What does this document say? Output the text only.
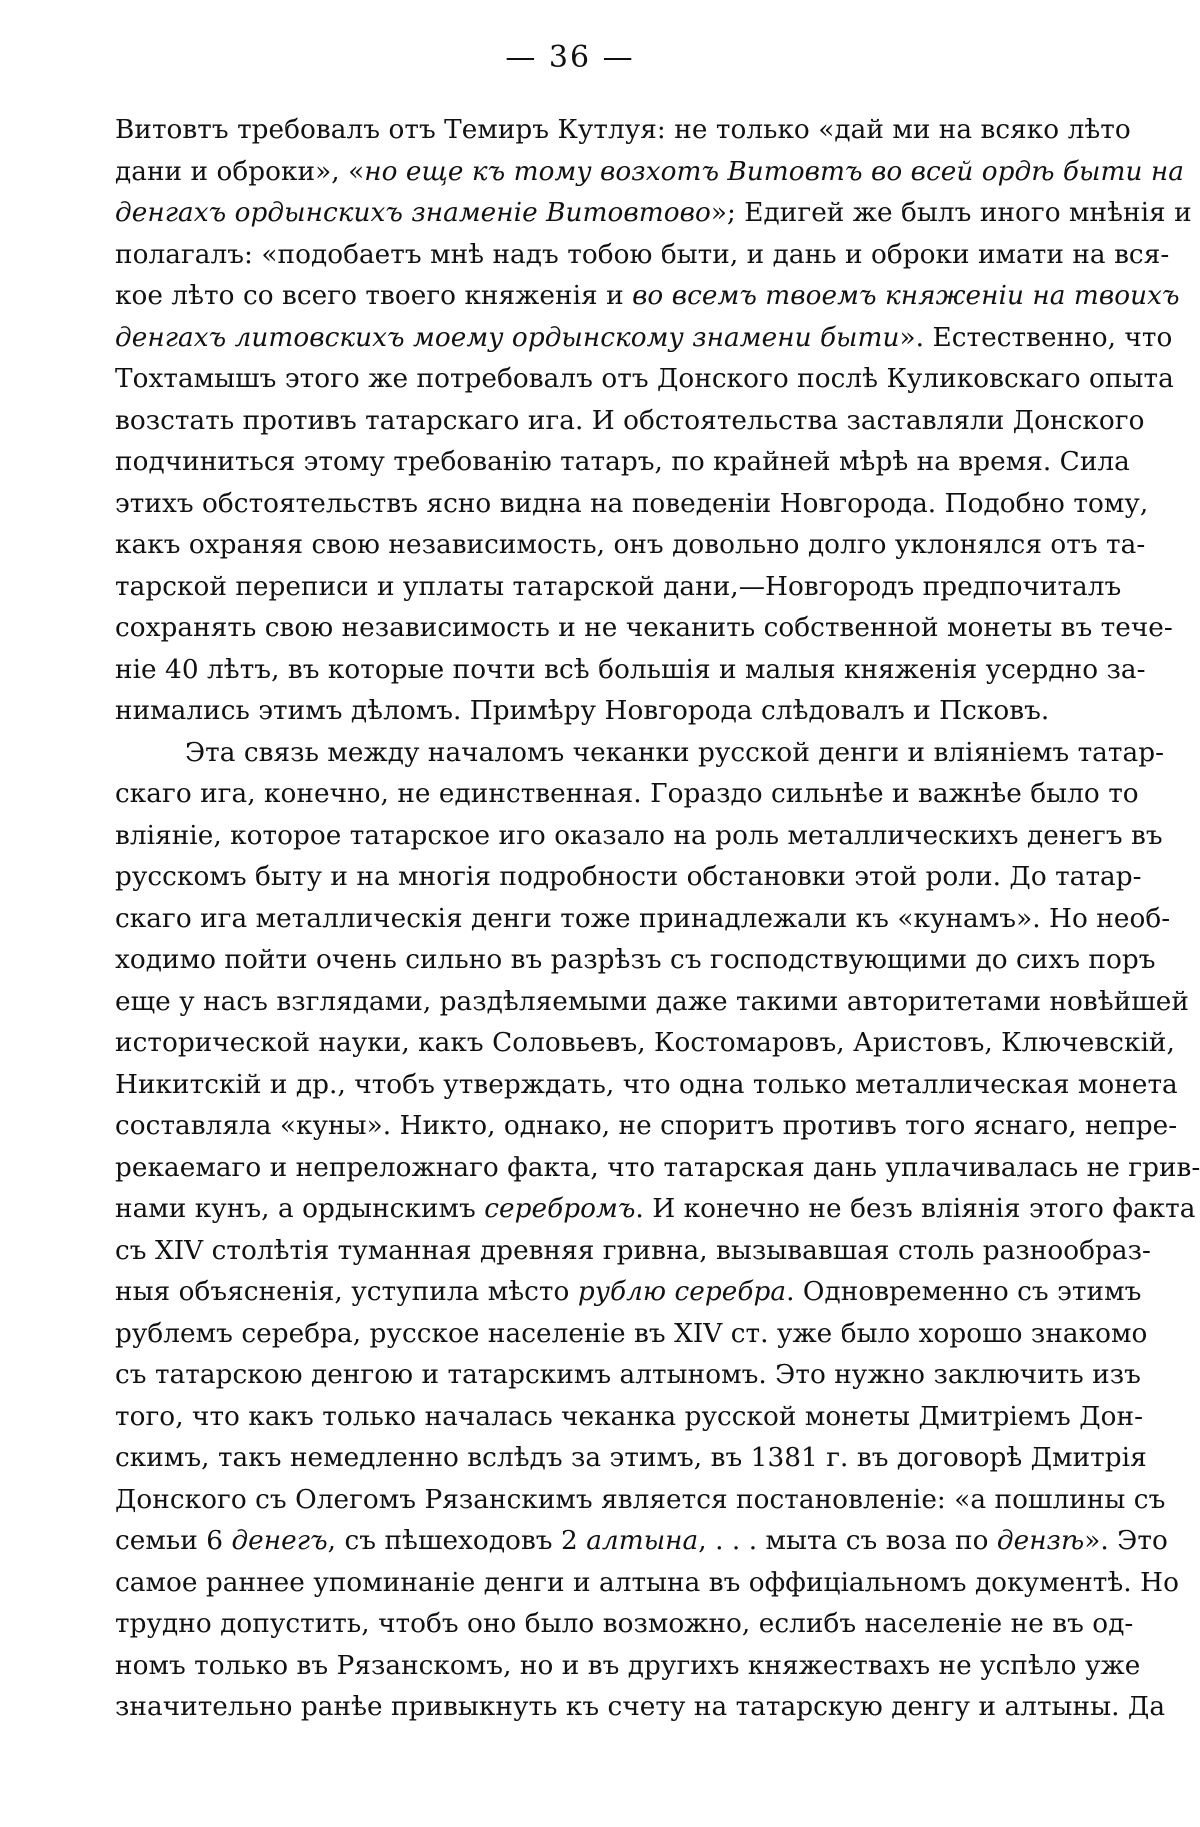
— 36 —
Витовтъ требовалъ отъ Темиръ Кутлуя: не только «дай ми на всяко лѣто
дани и оброки», «но еще къ тому возхотъ Витовтъ во всей ордѣ быти на
денгахъ ордынскихъ знаменіе Витовтово»; Едигей же былъ иного мнѣнія и
полагалъ: «подобаетъ мнѣ надъ тобою быти, и дань и оброки имати на вся-
кое лѣто со всего твоего княженія и во всемъ твоемъ княженіи на твоихъ
денгахъ литовскихъ моему ордынскому знамени быти». Естественно, что
Тохтамышъ этого же потребовалъ отъ Донского послѣ Куликовскаго опыта
возстать противъ татарскаго ига. И обстоятельства заставляли Донского
подчиниться этому требованію татаръ, по крайней мѣрѣ на время. Сила
этихъ обстоятельствъ ясно видна на поведеніи Новгорода. Подобно тому,
какъ охраняя свою независимость, онъ довольно долго уклонялся отъ та-
тарской переписи и уплаты татарской дани,—Новгородъ предпочиталъ
сохранять свою независимость и не чеканить собственной монеты въ тече-
ніе 40 лѣтъ, въ которые почти всѣ большія и малыя княженія усердно за-
нимались этимъ дѣломъ. Примѣру Новгорода слѣдовалъ и Псковъ.
Эта связь между началомъ чеканки русской денги и вліяніемъ татар-
скаго ига, конечно, не единственная. Гораздо сильнѣе и важнѣе было то
вліяніе, которое татарское иго оказало на роль металлическихъ денегъ въ
русскомъ быту и на многія подробности обстановки этой роли. До татар-
скаго ига металлическія денги тоже принадлежали къ «кунамъ». Но необ-
ходимо пойти очень сильно въ разрѣзъ съ господствующими до сихъ поръ
еще у насъ взглядами, раздѣляемыми даже такими авторитетами новѣйшей
исторической науки, какъ Соловьевъ, Костомаровъ, Аристовъ, Ключевскій,
Никитскій и др., чтобъ утверждать, что одна только металлическая монета
составляла «куны». Никто, однако, не споритъ противъ того яснаго, непре-
рекаемаго и непреложнаго факта, что татарская дань уплачивалась не грив-
нами кунъ, а ордынскимъ серебромъ. И конечно не безъ вліянія этого факта
съ XIV столѣтія туманная древняя гривна, вызывавшая столь разнообраз-
ныя объясненія, уступила мѣсто рублю серебра. Одновременно съ этимъ
рублемъ серебра, русское населеніе въ XIV ст. уже было хорошо знакомо
съ татарскою денгою и татарскимъ алтыномъ. Это нужно заключить изъ
того, что какъ только началась чеканка русской монеты Дмитріемъ Дон-
скимъ, такъ немедленно вслѣдъ за этимъ, въ 1381 г. въ договорѣ Дмитрія
Донского съ Олегомъ Рязанскимъ является постановленіе: «а пошлины съ
семьи 6 денегъ, съ пѣшеходовъ 2 алтына, . . . мыта съ воза по дензѣ». Это
самое раннее упоминаніе денги и алтына въ оффиціальномъ документѣ. Но
трудно допустить, чтобъ оно было возможно, еслибъ населеніе не въ од-
номъ только въ Рязанскомъ, но и въ другихъ княжествахъ не успѣло уже
значительно ранѣе привыкнуть къ счету на татарскую денгу и алтыны. Да
